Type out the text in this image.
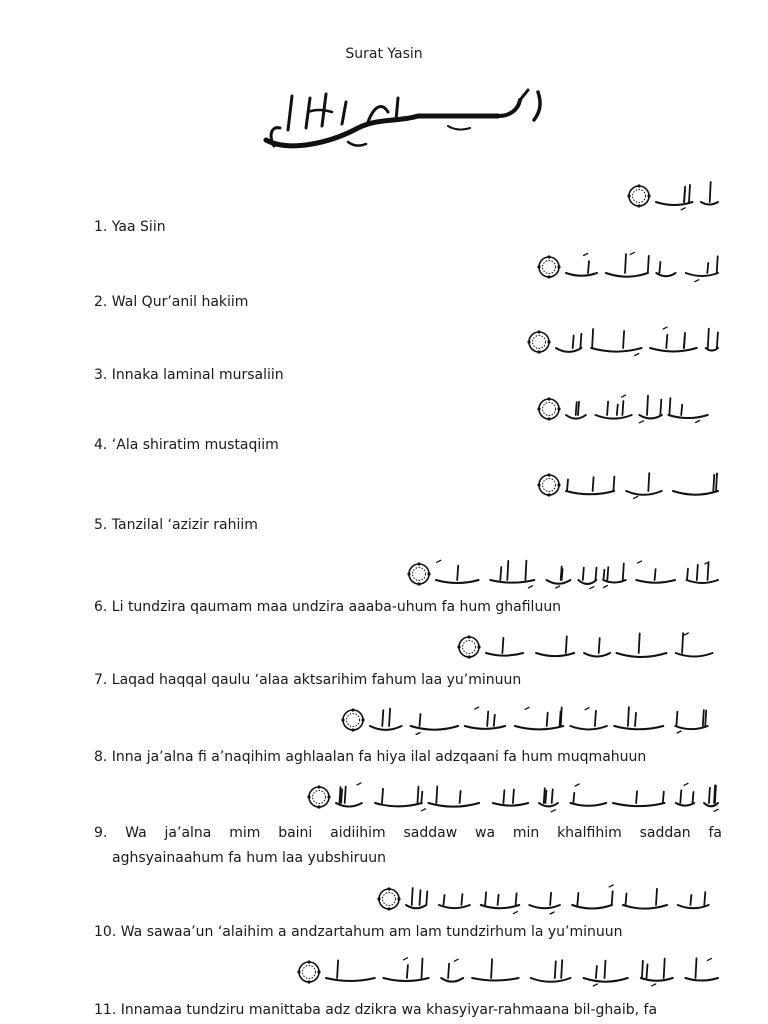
Surat Yasin
1. Yaa Siin
2. Wal Qur’anil hakiim
3. Innaka laminal mursaliin
4. ‘Ala shiratim mustaqiim
5. Tanzilal ‘azizir rahiim
6. Li tundzira qaumam maa undzira aaaba-uhum fa hum ghafiluun
7. Laqad haqqal qaulu ‘alaa aktsarihim fahum laa yu’minuun
8. Inna ja’alna fi a’naqihim aghlaalan fa hiya ilal adzqaani fa hum muqmahuun
9. Wa ja’alna mim baini aidiihim saddaw wa min khalfihim saddan fa
aghsyainaahum fa hum laa yubshiruun
10. Wa sawaa’un ‘alaihim a andzartahum am lam tundzirhum la yu’minuun
11. Innamaa tundziru manittaba adz dzikra wa khasyiyar-rahmaana bil-ghaib, fa
